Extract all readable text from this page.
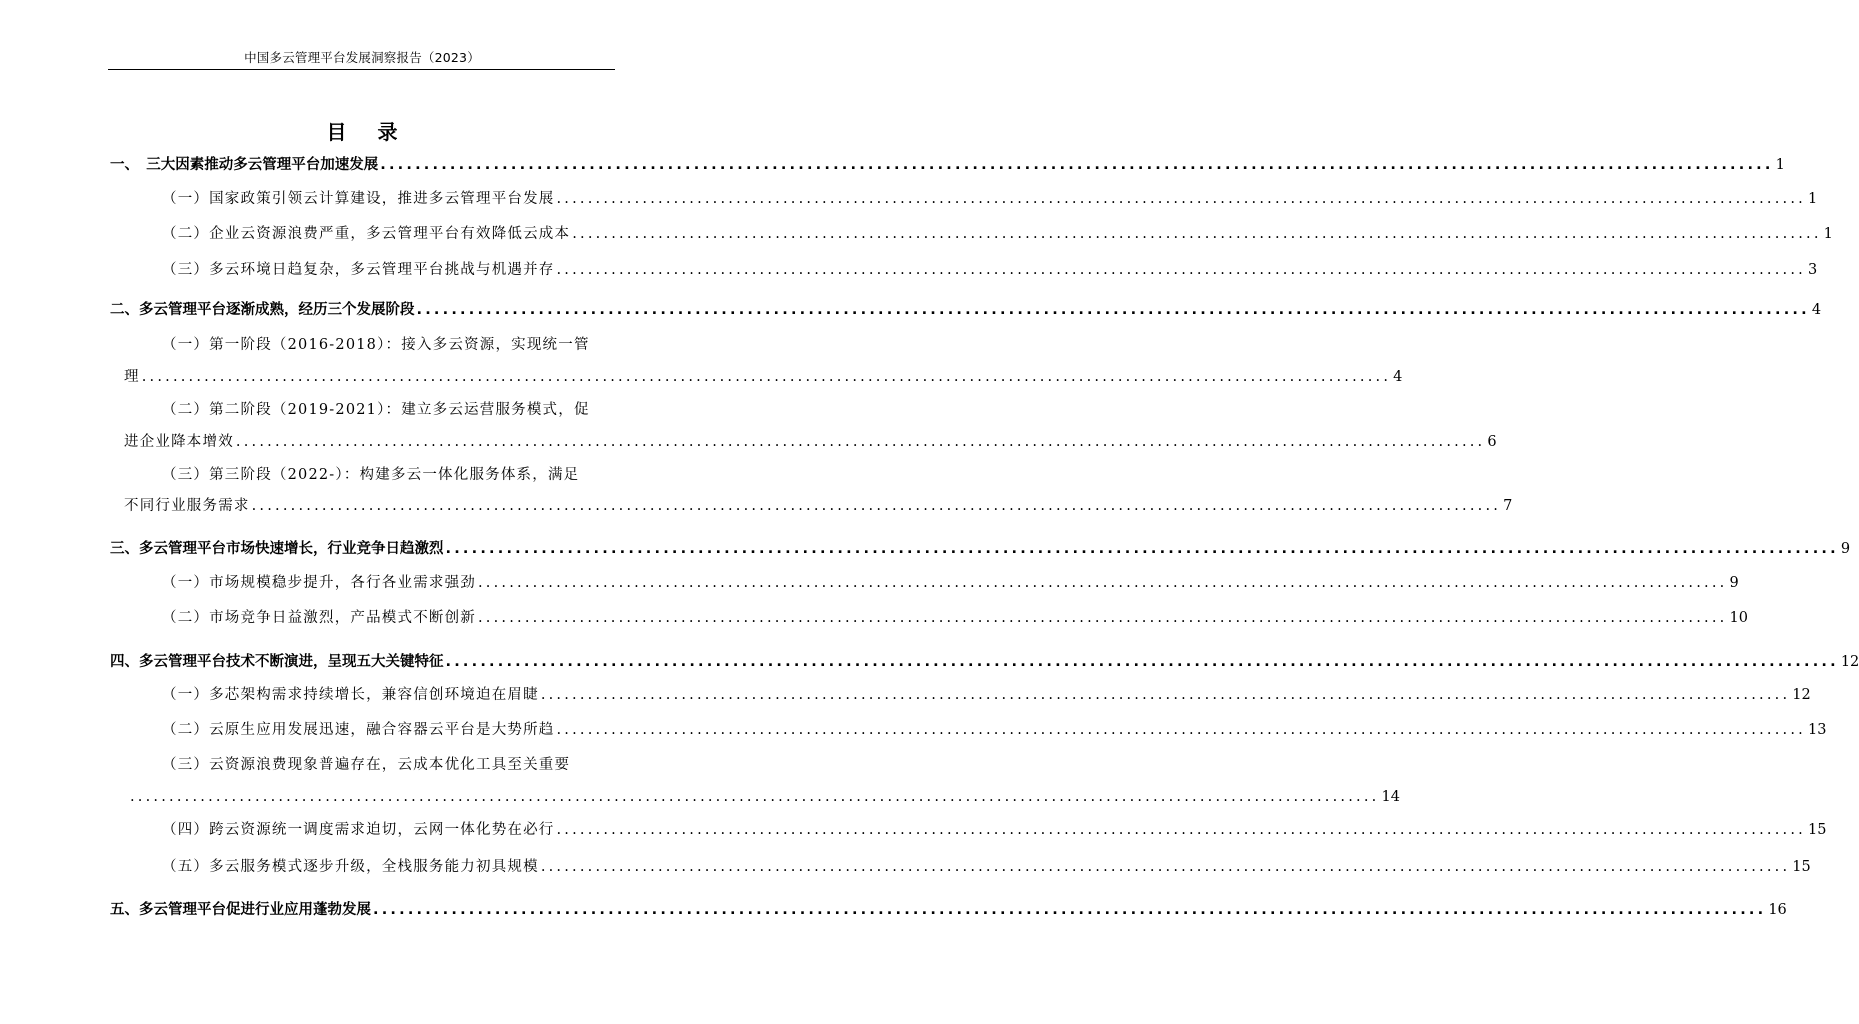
中国多云管理平台发展洞察报告（2023）
目 录
一、　三大因素推动多云管理平台加速发展 ................................................................................................................................................................ 1
（一）国家政策引领云计算建设，推进多云管理平台发展 ................................................................................................................................................................ 1
（二）企业云资源浪费严重，多云管理平台有效降低云成本 ................................................................................................................................................................ 1
（三）多云环境日趋复杂，多云管理平台挑战与机遇并存 ................................................................................................................................................................ 3
二、多云管理平台逐渐成熟，经历三个发展阶段 ................................................................................................................................................................ 4
（一）第一阶段（2016-2018）：接入多云资源，实现统一管
理 ................................................................................................................................................................ 4
（二）第二阶段（2019-2021）：建立多云运营服务模式，促
进企业降本增效 ................................................................................................................................................................ 6
（三）第三阶段（2022-）：构建多云一体化服务体系，满足
不同行业服务需求 ................................................................................................................................................................ 7
三、多云管理平台市场快速增长，行业竞争日趋激烈 ................................................................................................................................................................ 9
（一）市场规模稳步提升，各行各业需求强劲 ................................................................................................................................................................ 9
（二）市场竞争日益激烈，产品模式不断创新 ................................................................................................................................................................ 10
四、多云管理平台技术不断演进，呈现五大关键特征 ................................................................................................................................................................ 12
（一）多芯架构需求持续增长，兼容信创环境迫在眉睫 ................................................................................................................................................................ 12
（二）云原生应用发展迅速，融合容器云平台是大势所趋 ................................................................................................................................................................ 13
（三）云资源浪费现象普遍存在，云成本优化工具至关重要
................................................................................................................................................................ 14
（四）跨云资源统一调度需求迫切，云网一体化势在必行 ................................................................................................................................................................ 15
（五）多云服务模式逐步升级，全栈服务能力初具规模 ................................................................................................................................................................ 15
五、多云管理平台促进行业应用蓬勃发展 ................................................................................................................................................................ 16
